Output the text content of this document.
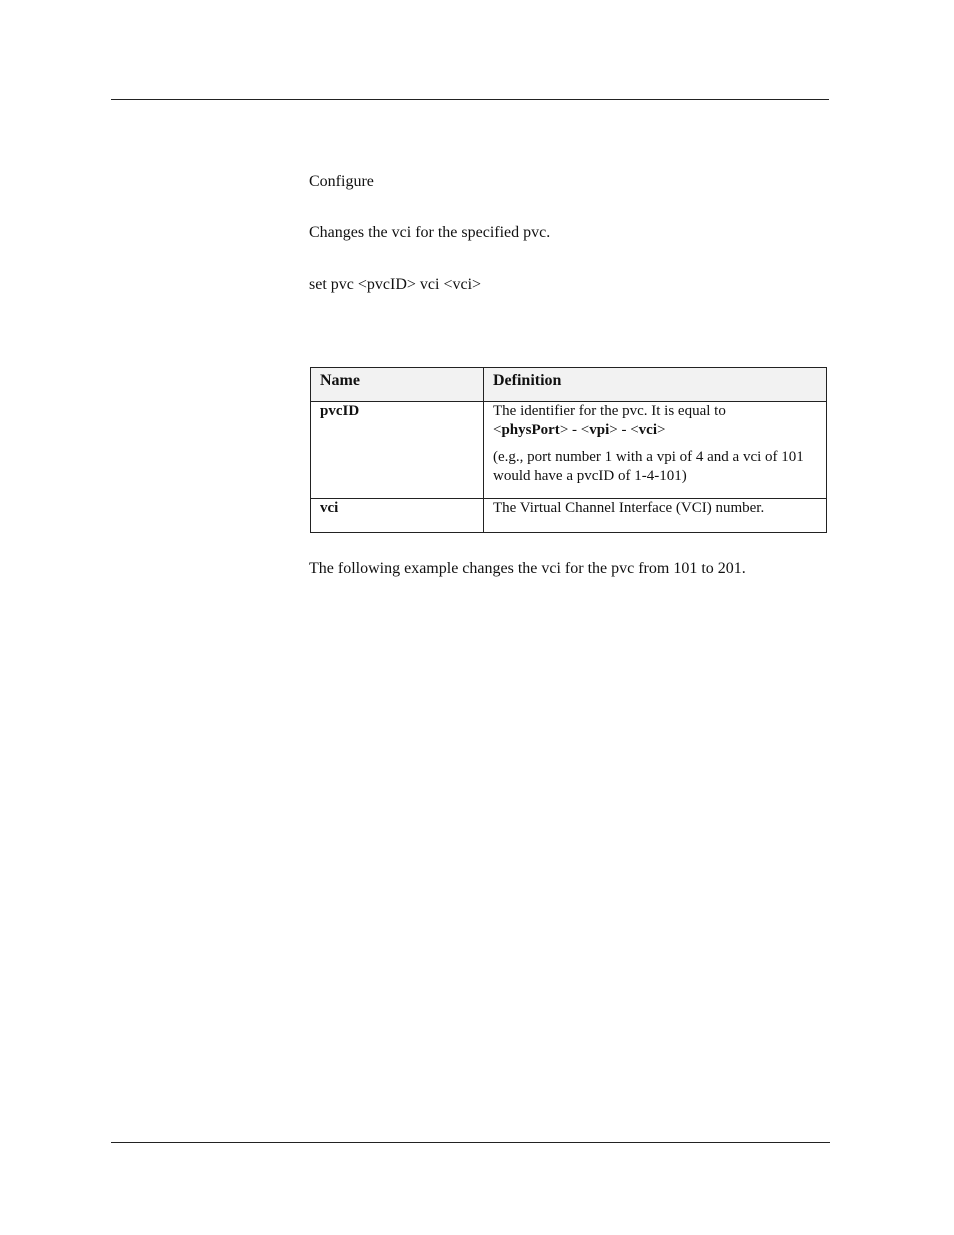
Configure
Changes the vci for the specified pvc.
set pvc <pvcID> vci <vci>
Name	Definition
pvcID	The identifier for the pvc. It is equal to
<physPort> - <vpi> - <vci>
(e.g., port number 1 with a vpi of 4 and a vci of 101 would have a pvcID of 1-4-101)

vci	The Virtual Channel Interface (VCI) number.
The following example changes the vci for the pvc from 101 to 201.
